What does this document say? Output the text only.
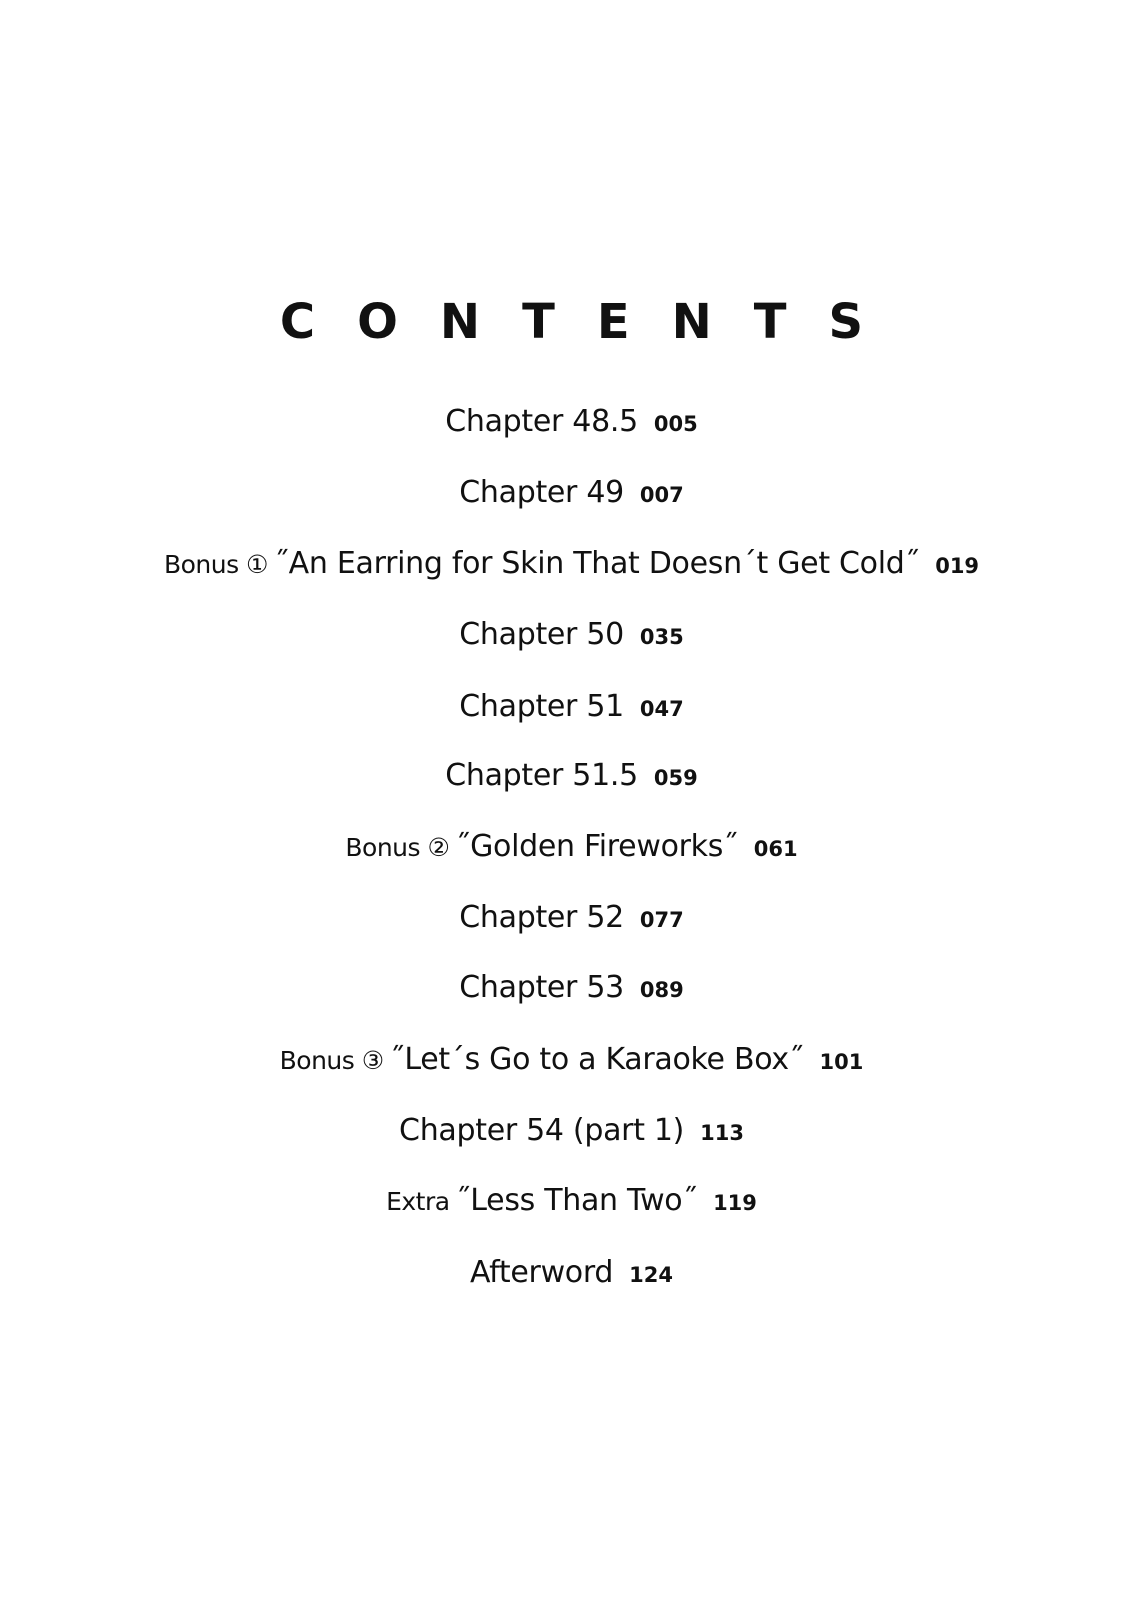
CONTENTS
Chapter 48.5 005
Chapter 49 007
Bonus ① ˝An Earring for Skin That Doesn´t Get Cold˝ 019
Chapter 50 035
Chapter 51 047
Chapter 51.5 059
Bonus ② ˝Golden Fireworks˝ 061
Chapter 52 077
Chapter 53 089
Bonus ③ ˝Let´s Go to a Karaoke Box˝ 101
Chapter 54 (part 1) 113
Extra ˝Less Than Two˝ 119
Afterword 124
